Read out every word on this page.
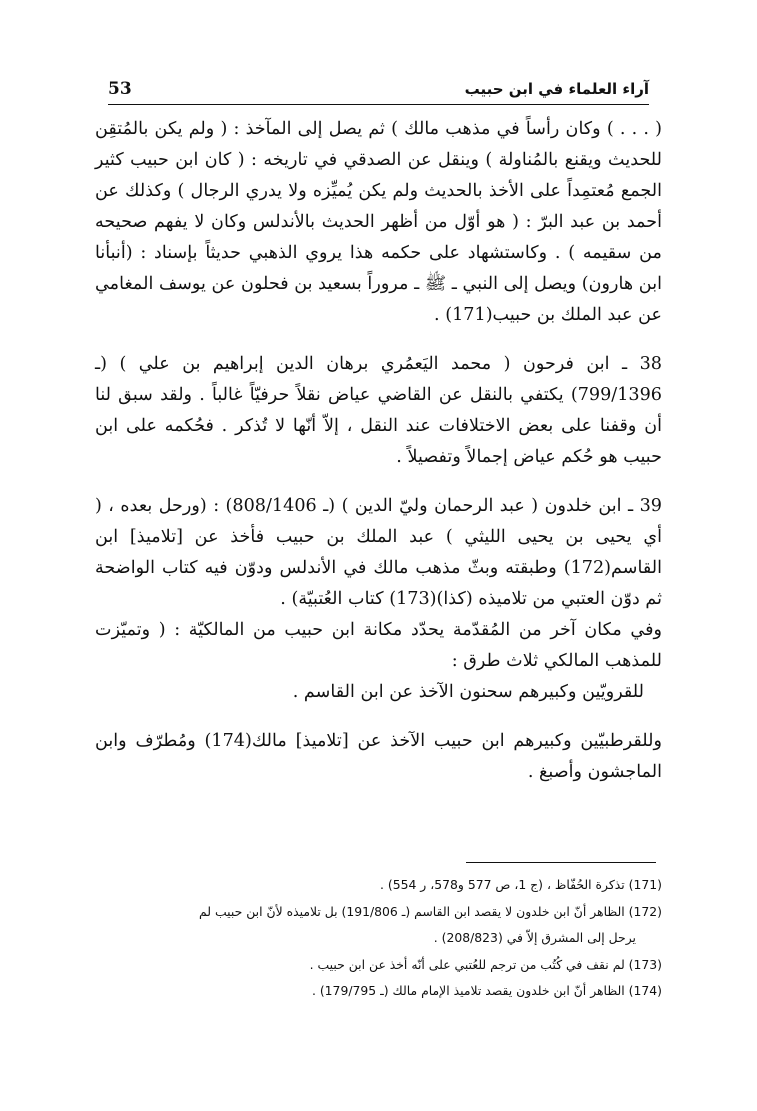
آراء العلماء في ابن حبيب
53

( . . . ) وكان رأساً في مذهب مالك ) ثم يصل إلى المآخذ : ( ولم يكن بالمُتقِن للحديث ويقنع بالمُناولة ) وينقل عن الصدقي في تاريخه : ( كان ابن حبيب كثير الجمع مُعتمِداً على الأخذ بالحديث ولم يكن يُميِّزه ولا يدري الرجال ) وكذلك عن أحمد بن عبد البرّ : ( هو أوّل من أظهر الحديث بالأندلس وكان لا يفهم صحيحه من سقيمه ) . وكاستشهاد على حكمه هذا يروي الذهبي حديثاً بإسناد : (أنبأنا ابن هارون) ويصل إلى النبي ـ ﷺ ـ مروراً بسعيد بن فحلون عن يوسف المغامي عن عبد الملك بن حبيب(171) .

38 ـ ابن فرحون ( محمد اليَعمُري برهان الدين إبراهيم بن علي ) (ـ 799/1396) يكتفي بالنقل عن القاضي عياض نقلاً حرفيّاً غالباً . ولقد سبق لنا أن وقفنا على بعض الاختلافات عند النقل ، إلاّ أنّها لا تُذكر . فحُكمه على ابن حبيب هو حُكم عياض إجمالاً وتفصيلاً .

39 ـ ابن خلدون ( عبد الرحمان وليّ الدين ) (ـ 808/1406) : (ورحل بعده ، ( أي يحيى بن يحيى الليثي ) عبد الملك بن حبيب فأخذ عن [تلاميذ] ابن القاسم(172) وطبقته وبثّ مذهب مالك في الأندلس ودوّن فيه كتاب الواضحة ثم دوّن العتبي من تلاميذه (كذا)(173) كتاب العُتبيّة) .

وفي مكان آخر من المُقدّمة يحدّد مكانة ابن حبيب من المالكيّة : ( وتميّزت للمذهب المالكي ثلاث طرق :

للقرويّين وكبيرهم سحنون الآخذ عن ابن القاسم .

وللقرطبيّين وكبيرهم ابن حبيب الآخذ عن [تلاميذ] مالك(174) ومُطرّف وابن الماجشون وأصبغ .

(171) تذكرة الحُفّاظ ، (ج 1، ص 577 و578، ر 554) .

(172) الظاهر أنّ ابن خلدون لا يقصد ابن القاسم (ـ 191/806) بل تلاميذه لأنّ ابن حبيب لم

يرحل إلى المشرق إلاّ في (208/823) .

(173) لم نقف في كُتُب من ترجم للعُتبي على أنّه أخذ عن ابن حبيب .

(174) الظاهر أنّ ابن خلدون يقصد تلاميذ الإمام مالك (ـ 179/795) .
